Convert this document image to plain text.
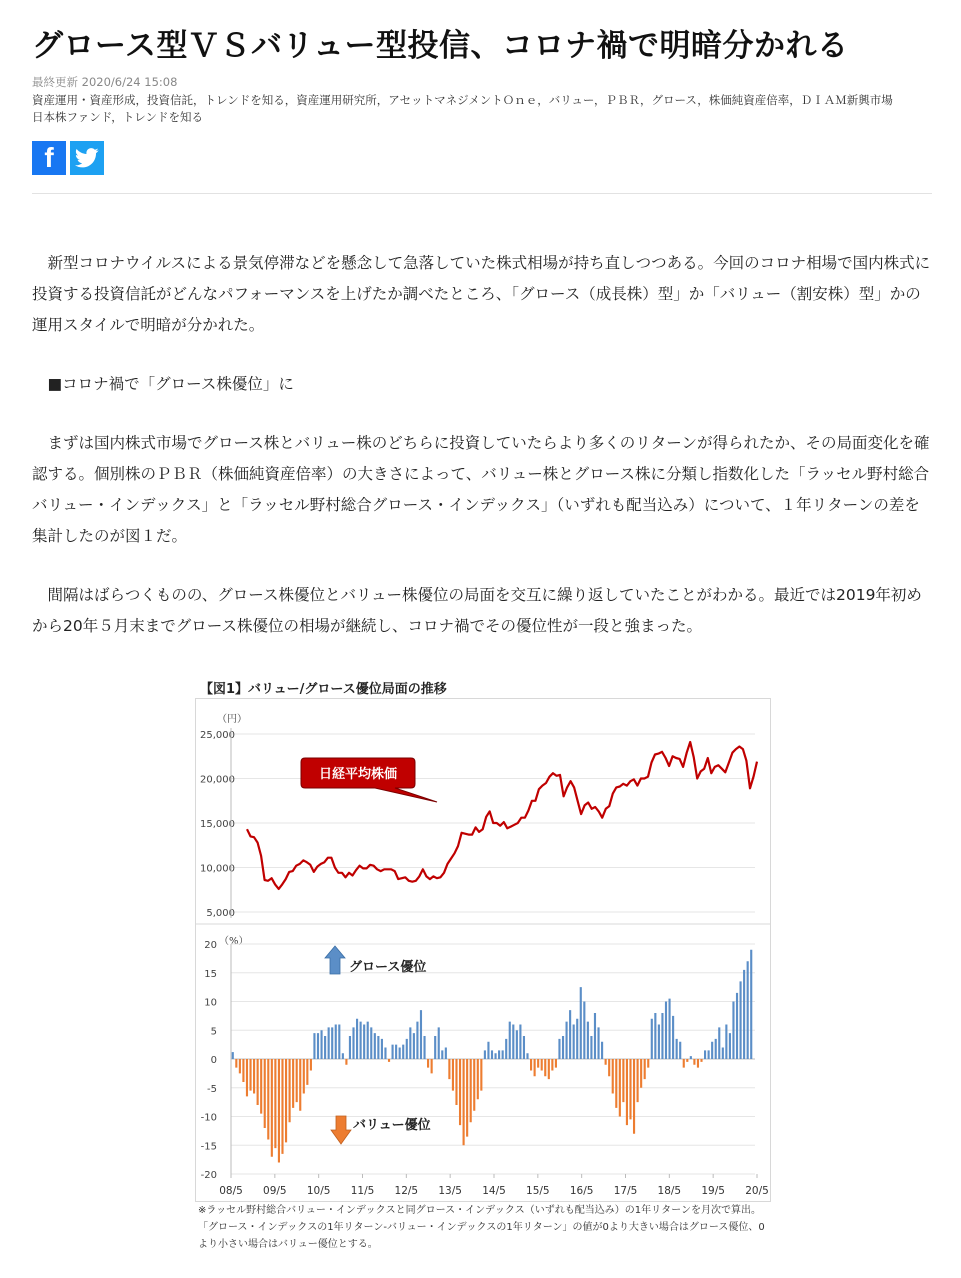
グロース型ＶＳバリュー型投信、コロナ禍で明暗分かれる
最終更新 2020/6/24 15:08
資産運用・資産形成，投資信託，トレンドを知る，資産運用研究所，アセットマネジメントＯｎｅ，バリュー，ＰＢＲ，グロース，株価純資産倍率，ＤＩＡＭ新興市場
日本株ファンド，トレンドを知る
f

新型コロナウイルスによる景気停滞などを懸念して急落していた株式相場が持ち直しつつある。今回のコロナ相場で国内株式に投資する投資信託がどんなパフォーマンスを上げたか調べたところ、「グロース（成長株）型」か「バリュー（割安株）型」かの運用スタイルで明暗が分かれた。

■コロナ禍で「グロース株優位」に

まずは国内株式市場でグロース株とバリュー株のどちらに投資していたらより多くのリターンが得られたか、その局面変化を確認する。個別株のＰＢＲ（株価純資産倍率）の大きさによって、バリュー株とグロース株に分類し指数化した「ラッセル野村総合バリュー・インデックス」と「ラッセル野村総合グロース・インデックス」（いずれも配当込み）について、１年リターンの差を集計したのが図１だ。

間隔はばらつくものの、グロース株優位とバリュー株優位の局面を交互に繰り返していたことがわかる。最近では2019年初めから20年５月末までグロース株優位の相場が継続し、コロナ禍でその優位性が一段と強まった。

【図1】バリュー/グロース優位局面の推移
（円）
25,000
20,000
15,000
10,000
5,000
日経平均株価
（%）
20
15
10
5
0
-5
-10
-15
-20
08/5 09/5 10/5 11/5 12/5 13/5 14/5 15/5 16/5 17/5 18/5 19/5 20/5
グロース優位
バリュー優位
※ラッセル野村総合バリュー・インデックスと同グロース・インデックス（いずれも配当込み）の1年リターンを月次で算出。「グロース・インデックスの1年リターン-バリュー・インデックスの1年リターン」の値が0より大きい場合はグロース優位、0より小さい場合はバリュー優位とする。
